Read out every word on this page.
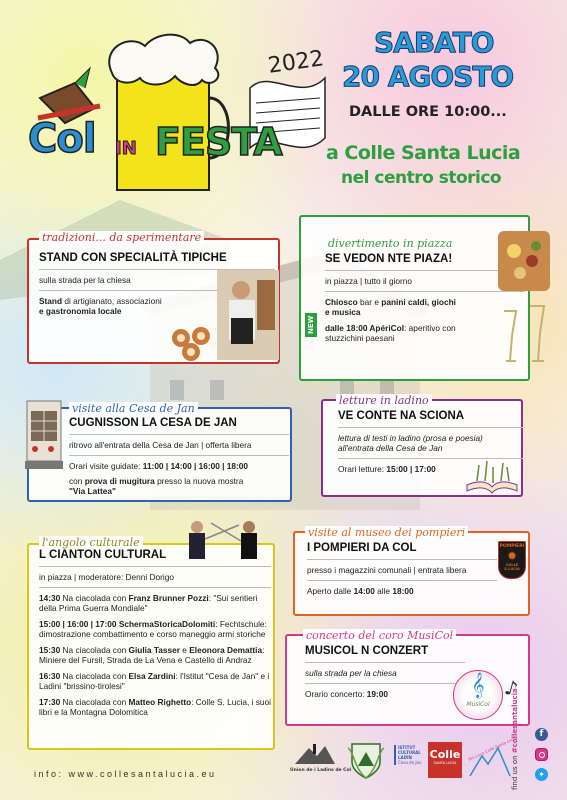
2022
Col IN FESTA
SABATO
20 AGOSTO
DALLE ORE 10:00...
a Colle Santa Lucia
nel centro storico
tradizioni... da sperimentare
STAND CON SPECIALITÀ TIPICHE
sulla strada per la chiesa
Stand di artigianato, associazioni
e gastronomia locale
divertimento in piazza
SE VEDON NTE PIAZA!
in piazza | tutto il giorno
Chiosco bar e panini caldi, giochi
e musica
dalle 18:00 ApériCol: aperitivo con
stuzzichini paesani
NEW
visite alla Cesa de Jan
CUGNISSON LA CESA DE JAN
ritrovo all'entrata della Cesa de Jan | offerta libera
Orari visite guidate: 11:00 | 14:00 | 16:00 | 18:00
con prova di mugitura presso la nuova mostra
"Via Lattea"
letture in ladino
VE CONTE NA SCIONA
lettura di testi in ladino (prosa e poesia)
all'entrata della Cesa de Jan
Orari letture: 15:00 | 17:00
l'angolo culturale
L CIANTON CULTURAL
in piazza | moderatore: Denni Dorigo
14:30 Na ciacolada con Franz Brunner Pozzi: "Sui sentieri della Prima Guerra Mondiale"
15:00 | 16:00 | 17:00 SchermaStoricaDolomiti: Fechtschule: dimostrazione combattimento e corso maneggio armi storiche
15:30 Na ciacolada con Giulia Tasser e Eleonora Demattia: Miniere del Fursil, Strada de La Vena e Castello di Andraz
16:30 Na ciacolada con Elsa Zardini: l'Istitut "Cesa de Jan" e i Ladini "brissino-tirolesi"
17:30 Na ciacolada con Matteo Righetto: Colle S. Lucia, i suoi libri e la Montagna Dolomitica
visite al museo dei pompieri
I POMPIERI DA COL
presso i magazzini comunali | entrata libera
Aperto dalle 14:00 alle 18:00
POMPIERI
✹
COLLE S.LUCIA
concerto del coro MusiCol
MUSICOL N CONZERT
sulla strada per la chiesa
Orario concerto: 19:00	𝄞
MusiCol
♪
info: www.collesantalucia.eu	Union de i Ladins de Col
ISTITUT
CULTURAL
LADIN
Cesa de Jan
Colle
SANTA LUCIA
Pro Loco Colle Santa Lucia
find us on #collesantalucia	f
✦
